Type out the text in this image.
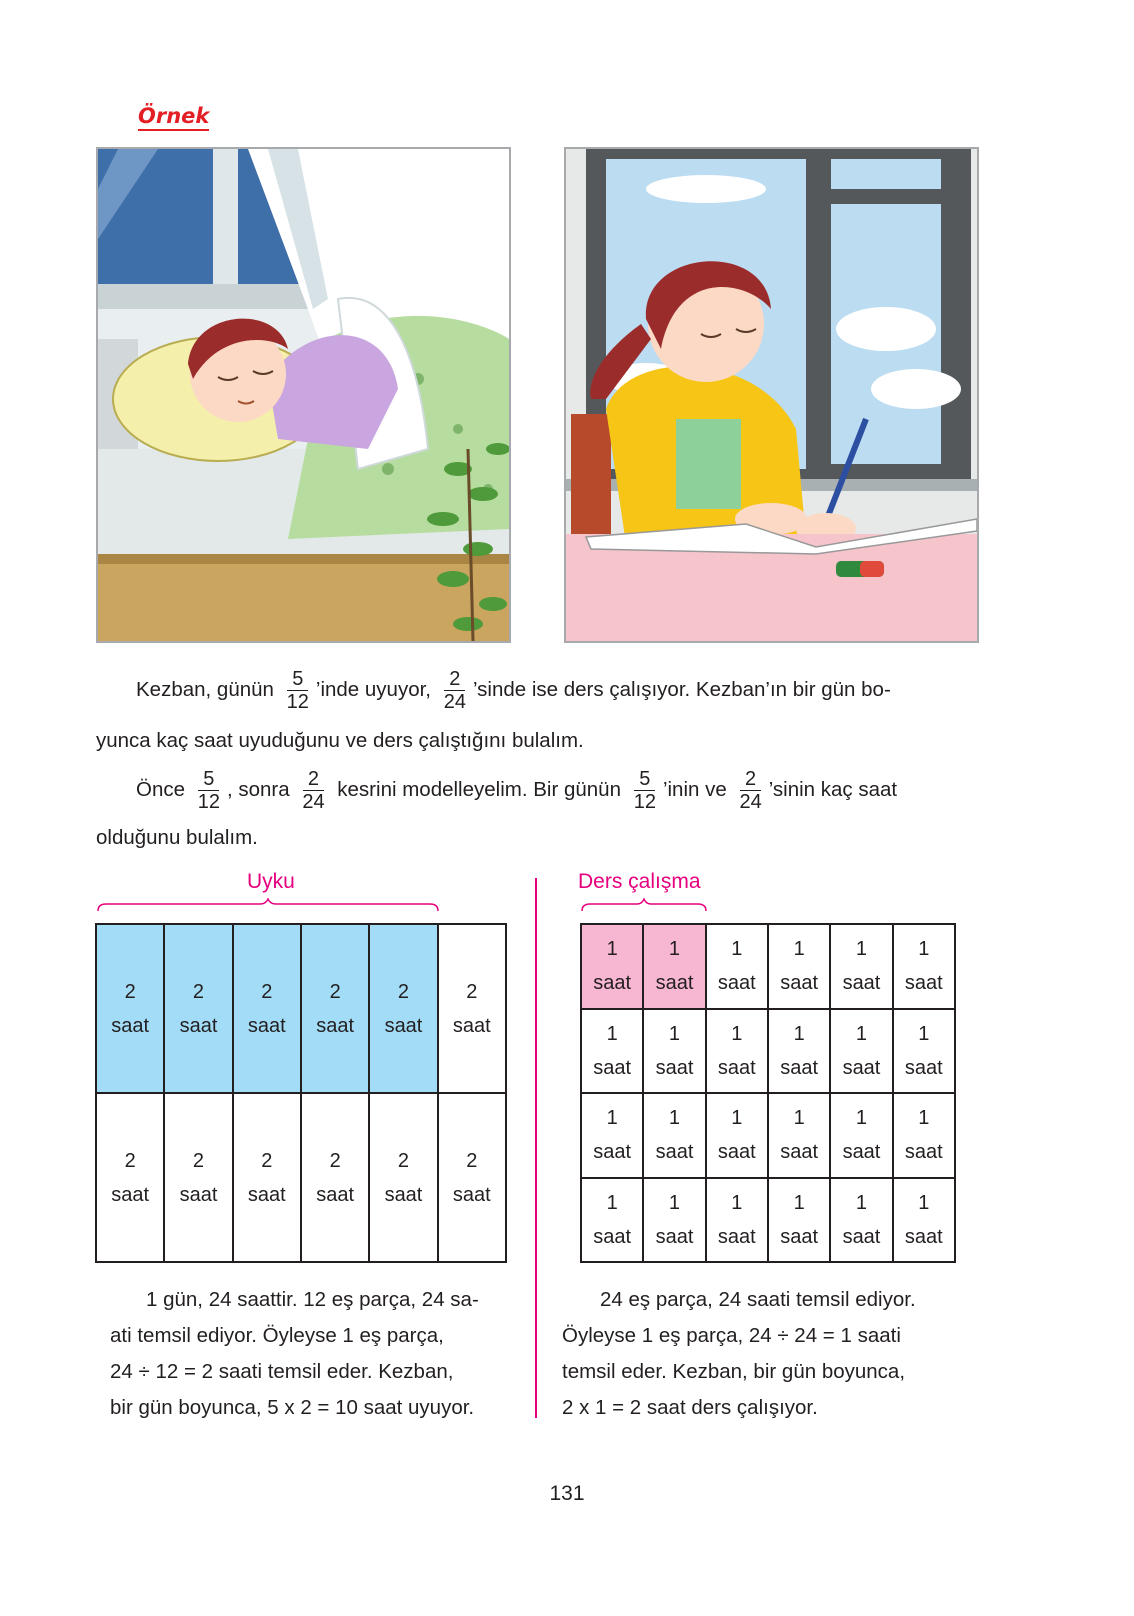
Örnek
Kezban, günün $\frac{5}{12}$ ’inde uyuyor, $\frac{2}{24}$ ’sinde ise ders çalışıyor. Kezban’ın bir gün bo-
yunca kaç saat uyuduğunu ve ders çalıştığını bulalım.
Önce $\frac{5}{12}$ , sonra $\frac{2}{24}$ kesrini modelleyelim. Bir günün $\frac{5}{12}$ ’inin ve $\frac{2}{24}$ ’sinin kaç saat
olduğunu bulalım.
Uyku
2
saat	2
saat	2
saat	2
saat	2
saat	2
saat

2
saat	2
saat	2
saat	2
saat	2
saat	2
saat
Ders çalışma
1
saat	1
saat	1
saat	1
saat	1
saat	1
saat

1
saat	1
saat	1
saat	1
saat	1
saat	1
saat

1
saat	1
saat	1
saat	1
saat	1
saat	1
saat

1
saat	1
saat	1
saat	1
saat	1
saat	1
saat

1 gün, 24 saattir. 12 eş parça, 24 sa-

ati temsil ediyor. Öyleyse 1 eş parça,

24 ÷ 12 = 2 saati temsil eder. Kezban,

bir gün boyunca, 5 x 2 = 10 saat uyuyor.

24 eş parça, 24 saati temsil ediyor.

Öyleyse 1 eş parça, 24 ÷ 24 = 1 saati

temsil eder. Kezban, bir gün boyunca,

2 x 1 = 2 saat ders çalışıyor.

131
